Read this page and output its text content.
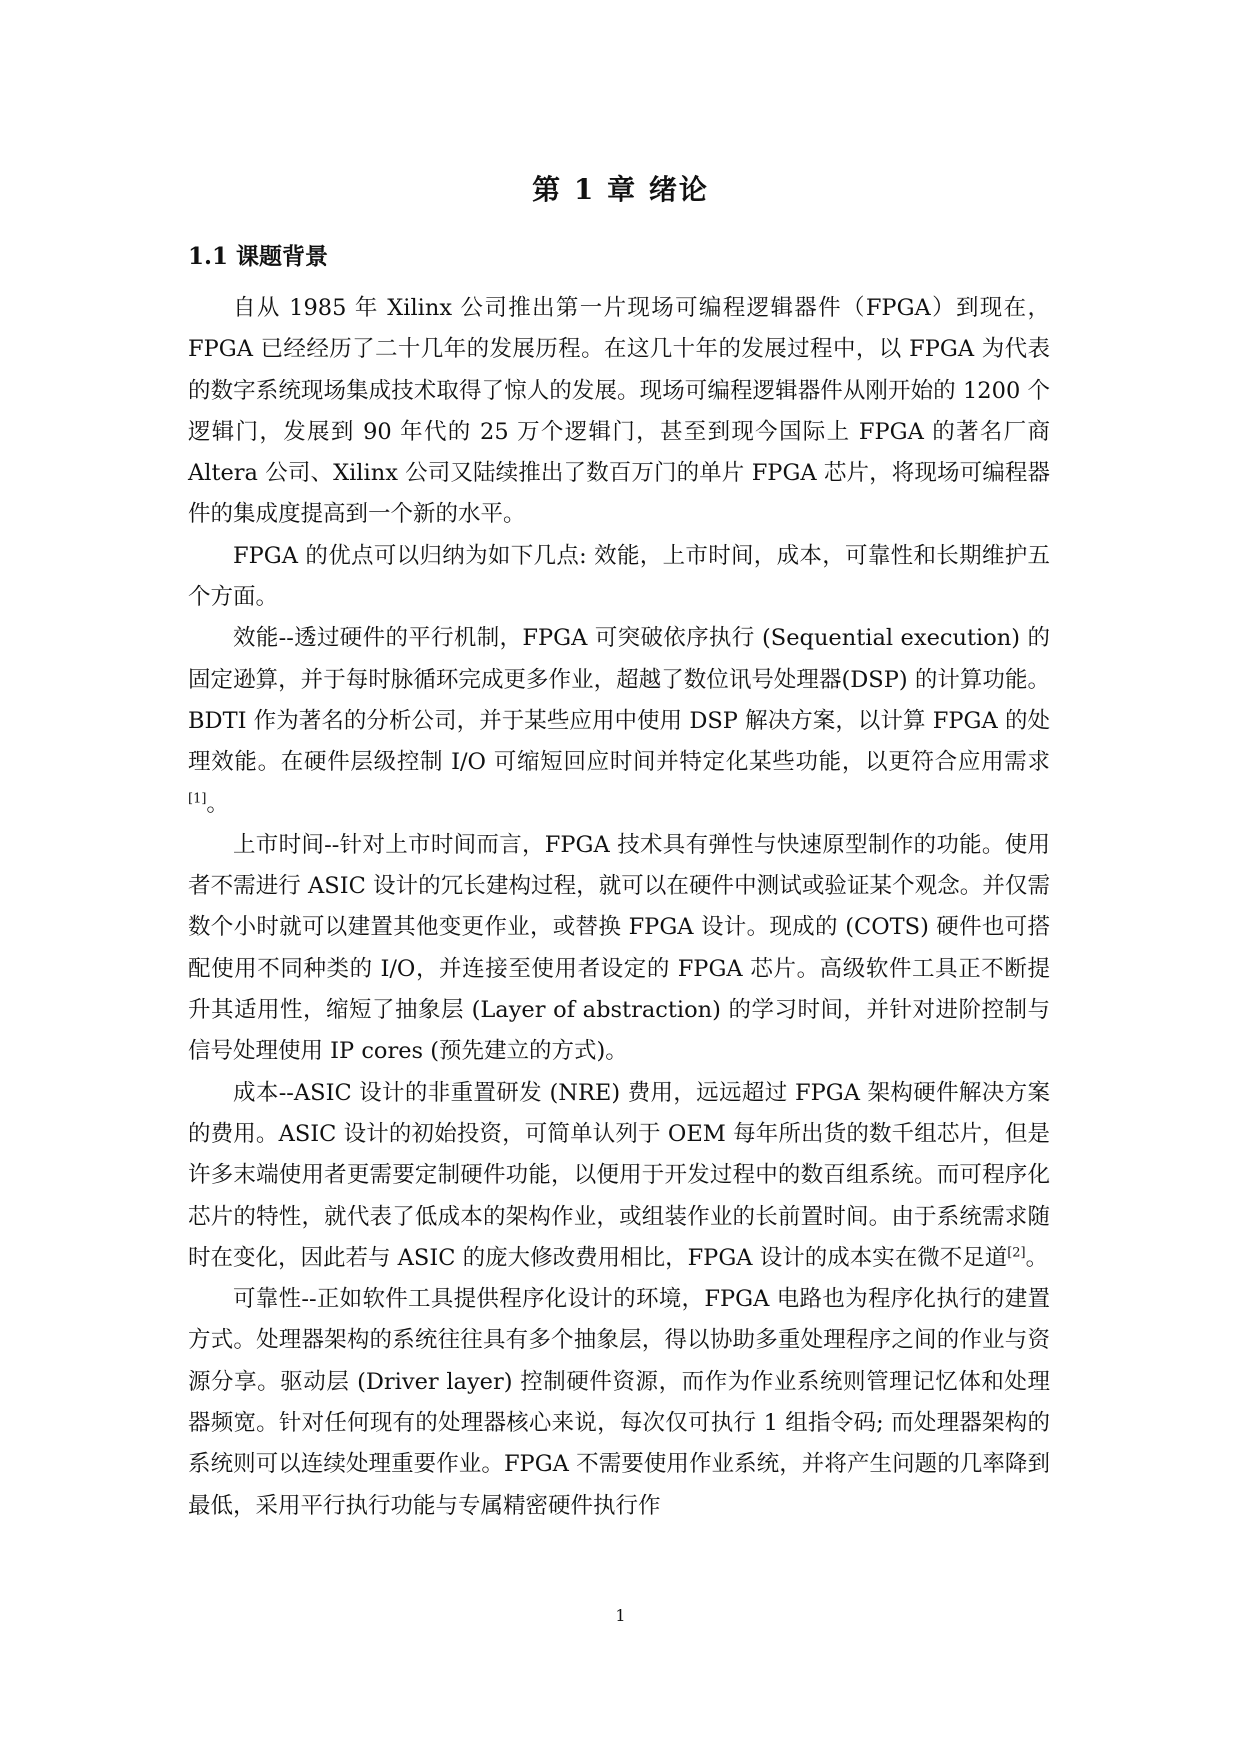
第 1 章 绪论
1.1 课题背景

自从 1985 年 Xilinx 公司推出第一片现场可编程逻辑器件（FPGA）到现在，FPGA 已经经历了二十几年的发展历程。在这几十年的发展过程中，以 FPGA 为代表的数字系统现场集成技术取得了惊人的发展。现场可编程逻辑器件从刚开始的 1200 个逻辑门，发展到 90 年代的 25 万个逻辑门，甚至到现今国际上 FPGA 的著名厂商 Altera 公司、Xilinx 公司又陆续推出了数百万门的单片 FPGA 芯片，将现场可编程器件的集成度提高到一个新的水平。

FPGA 的优点可以归纳为如下几点: 效能，上市时间，成本，可靠性和长期维护五个方面。

效能--透过硬件的平行机制，FPGA 可突破依序执行 (Sequential execution) 的固定逊算，并于每时脉循环完成更多作业，超越了数位讯号处理器(DSP) 的计算功能。BDTI 作为著名的分析公司，并于某些应用中使用 DSP 解决方案，以计算 FPGA 的处理效能。在硬件层级控制 I/O 可缩短回应时间并特定化某些功能，以更符合应用需求[1]。

上市时间--针对上市时间而言，FPGA 技术具有弹性与快速原型制作的功能。使用者不需进行 ASIC 设计的冗长建构过程，就可以在硬件中测试或验证某个观念。并仅需数个小时就可以建置其他变更作业，或替换 FPGA 设计。现成的 (COTS) 硬件也可搭配使用不同种类的 I/O，并连接至使用者设定的 FPGA 芯片。高级软件工具正不断提升其适用性，缩短了抽象层 (Layer of abstraction) 的学习时间，并针对进阶控制与信号处理使用 IP cores (预先建立的方式)。

成本--ASIC 设计的非重置研发 (NRE) 费用，远远超过 FPGA 架构硬件解决方案的费用。ASIC 设计的初始投资，可简单认列于 OEM 每年所出货的数千组芯片，但是许多末端使用者更需要定制硬件功能，以便用于开发过程中的数百组系统。而可程序化芯片的特性，就代表了低成本的架构作业，或组装作业的长前置时间。由于系统需求随时在变化，因此若与 ASIC 的庞大修改费用相比，FPGA 设计的成本实在微不足道[2]。

可靠性--正如软件工具提供程序化设计的环境，FPGA 电路也为程序化执行的建置方式。处理器架构的系统往往具有多个抽象层，得以协助多重处理程序之间的作业与资源分享。驱动层 (Driver layer) 控制硬件资源，而作为作业系统则管理记忆体和处理器频宽。针对任何现有的处理器核心来说，每次仅可执行 1 组指令码; 而处理器架构的系统则可以连续处理重要作业。FPGA 不需要使用作业系统，并将产生问题的几率降到最低，采用平行执行功能与专属精密硬件执行作

1
